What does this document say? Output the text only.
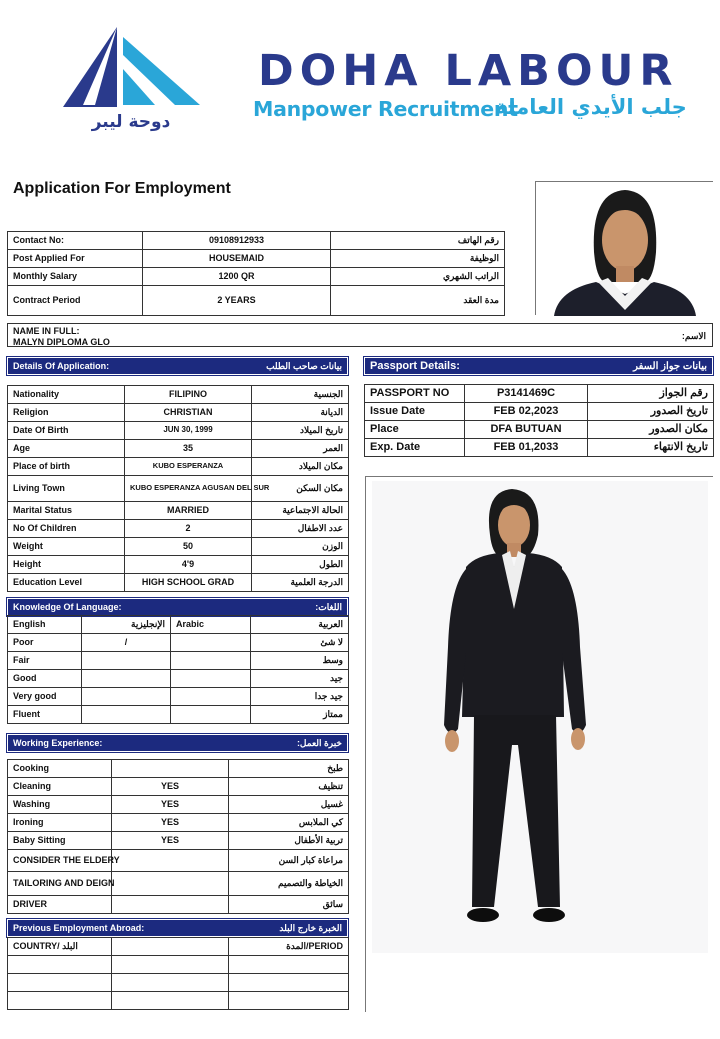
دوحة ليبر
DOHA LABOUR
Manpower Recruitment
جلب الأيدي العاملة
Application For Employment
Contact No:	09108912933	رقم الهاتف
Post Applied For	HOUSEMAID	الوظيفة
Monthly Salary	1200 QR	الراتب الشهري
Contract Period	2 YEARS	مدة العقد
NAME IN FULL:
MALYN DIPLOMA GLO
الاسم:
Details Of Application:	بيانات صاحب الطلب
Nationality	FILIPINO	الجنسية
Religion	CHRISTIAN	الديانة
Date Of Birth	JUN 30, 1999	تاريخ الميلاد
Age	35	العمر
Place of birth	KUBO ESPERANZA	مكان الميلاد
Living Town	KUBO ESPERANZA AGUSAN DEL SUR	مكان السكن
Marital Status	MARRIED	الحالة الاجتماعية
No Of Children	2	عدد الاطفال
Weight	50	الوزن
Height	4'9	الطول
Education Level	HIGH SCHOOL GRAD	الدرجة العلمية
Passport Details:	بيانات جواز السفر
PASSPORT NO	P3141469C	رقم الجواز
Issue Date	FEB 02,2023	تاريخ الصدور
Place	DFA BUTUAN	مكان الصدور
Exp. Date	FEB 01,2033	تاريخ الانتهاء
Knowledge Of Language:	اللغات:
English	الإنجليزية	Arabic	العربية
Poor	/		لا شئ
Fair			وسط
Good			جيد
Very good			جيد جدا
Fluent			ممتاز
Working Experience:	خبرة العمل:
Cooking		طبخ
Cleaning	YES	تنظيف
Washing	YES	غسيل
Ironing	YES	كي الملابس
Baby Sitting	YES	تربية الأطفال
CONSIDER THE ELDERY		مراعاة كبار السن
TAILORING AND DEIGN		الخياطة والتصميم
DRIVER		سائق
Previous Employment Abroad:	الخبرة خارج البلد
COUNTRY/ البلد		PERIOD/المدة
